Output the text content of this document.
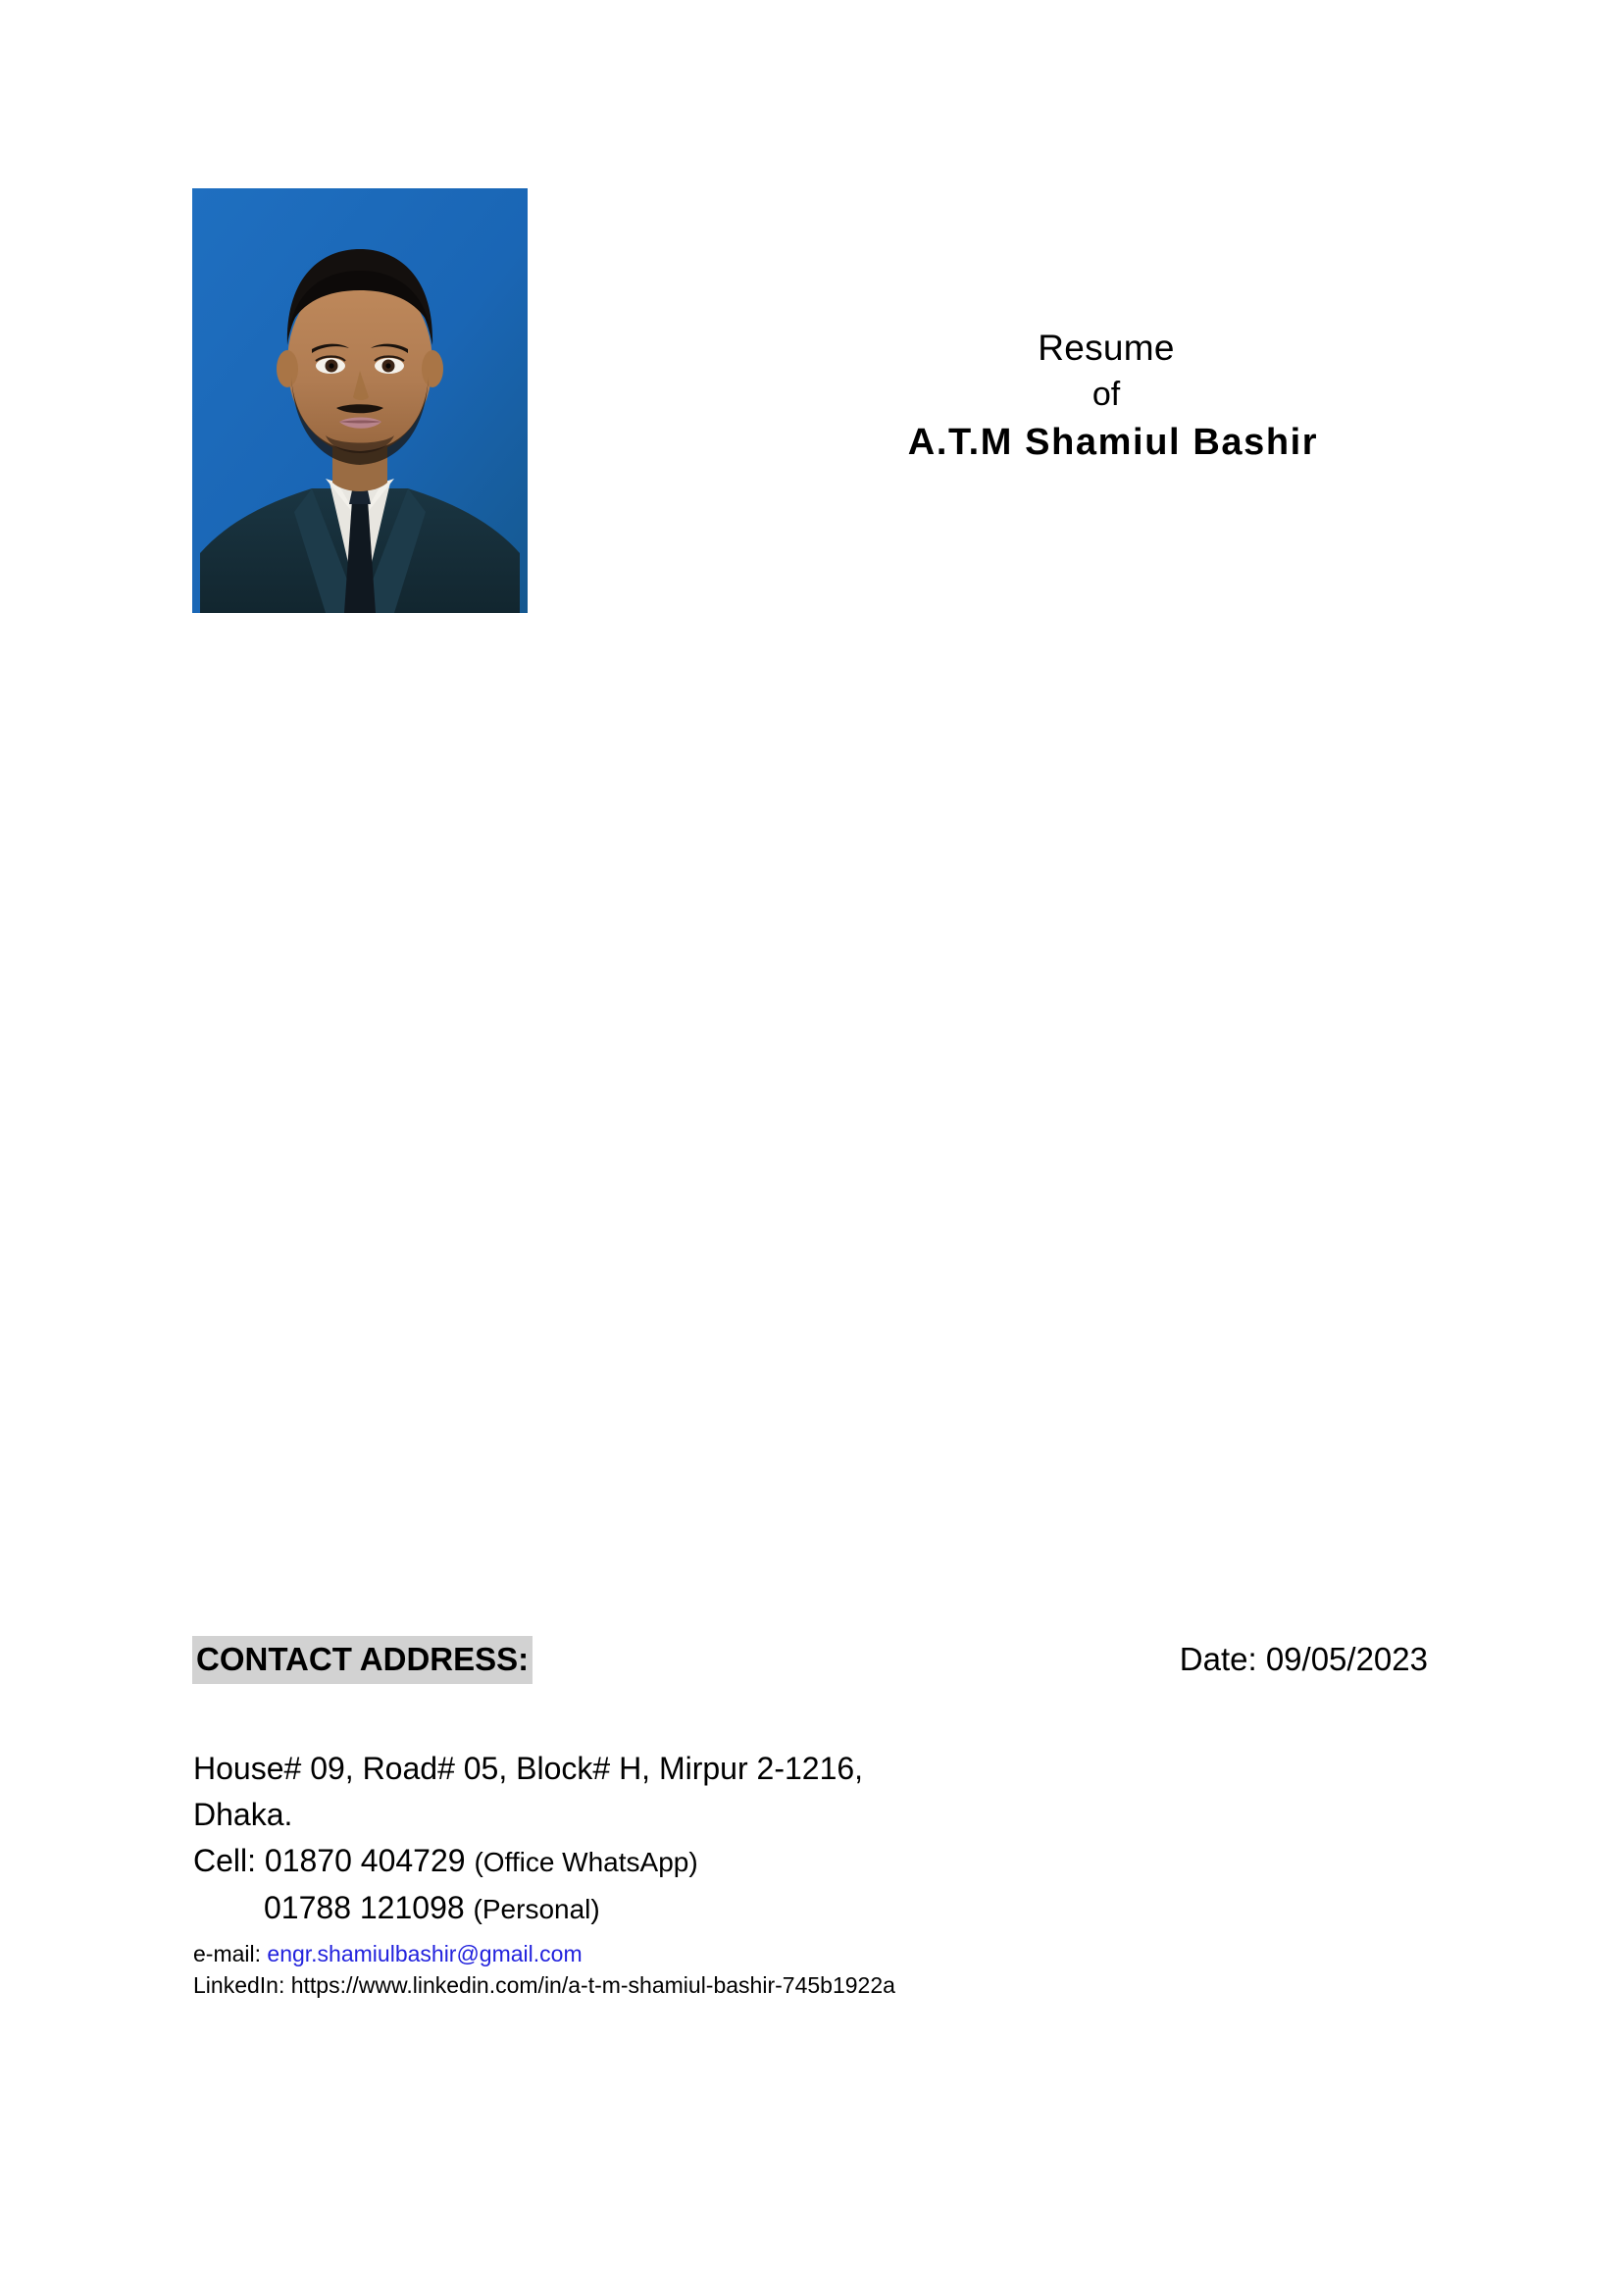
Resume
of
A.T.M Shamiul Bashir
CONTACT ADDRESS:	Date: 09/05/2023
House# 09, Road# 05, Block# H, Mirpur 2-1216,
Dhaka.
Cell: 01870 404729 (Office WhatsApp)
01788 121098 (Personal)
e-mail: engr.shamiulbashir@gmail.com
LinkedIn: https://www.linkedin.com/in/a-t-m-shamiul-bashir-745b1922a
